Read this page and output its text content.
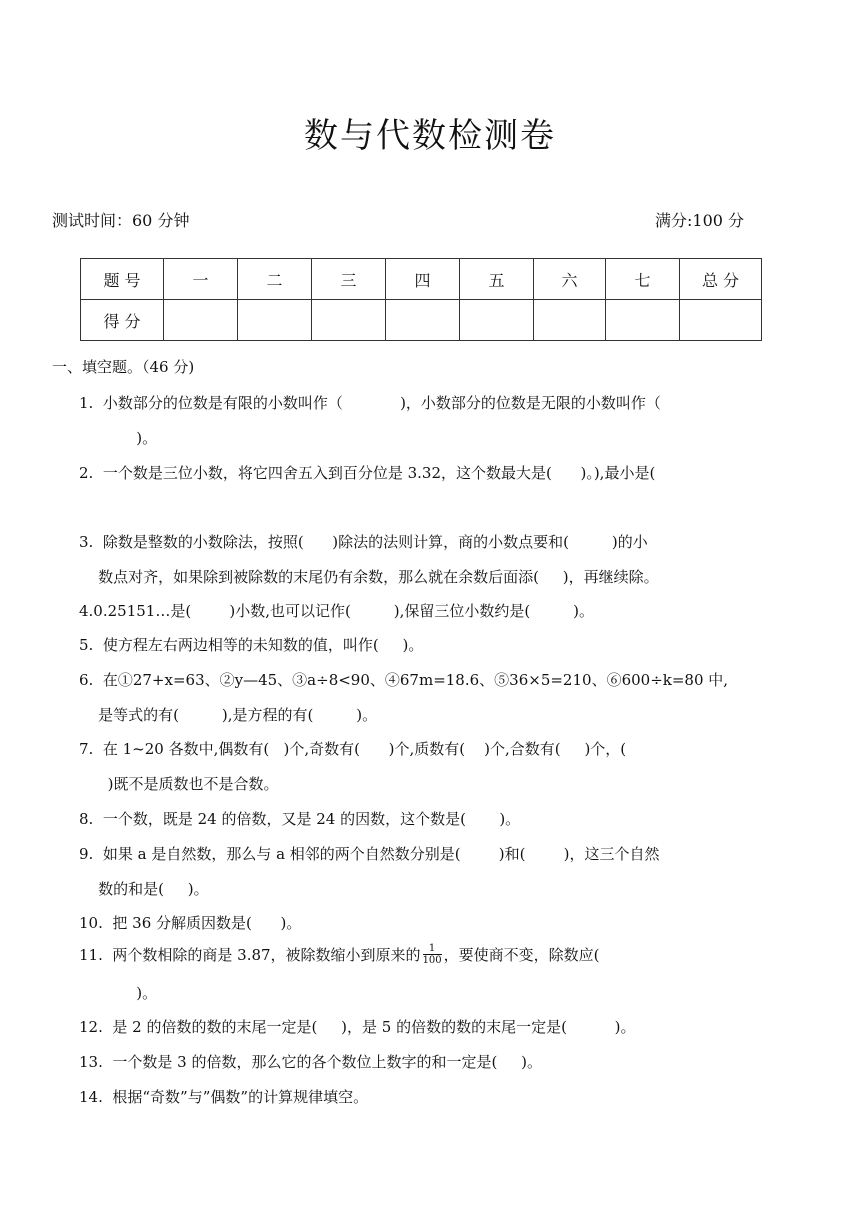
数与代数检测卷
测试时间：60 分钟	满分:100 分
题 号	一	二	三	四	五	六	七	总 分
得 分								
一、填空题。（46 分)
1.  小数部分的位数是有限的小数叫作（            )，小数部分的位数是无限的小数叫作（
)。
2.  一个数是三位小数，将它四舍五入到百分位是 3.32，这个数最大是(      )。),最小是(
3.  除数是整数的小数除法，按照(      )除法的法则计算，商的小数点要和(         )的小
数点对齐，如果除到被除数的末尾仍有余数，那么就在余数后面添(     )，再继续除。
4.0.25151…是(        )小数,也可以记作(         ),保留三位小数约是(         )。
5.  使方程左右两边相等的未知数的值，叫作(     )。
6.  在①27+x=63、②y—45、③a÷8<90、④67m=18.6、⑤36×5=210、⑥600÷k=80 中,
是等式的有(         ),是方程的有(         )。
7.  在 1~20 各数中,偶数有(   )个,奇数有(      )个,质数有(    )个,合数有(     )个，(
)既不是质数也不是合数。
8.  一个数，既是 24 的倍数，又是 24 的因数，这个数是(       )。
9.  如果 a 是自然数，那么与 a 相邻的两个自然数分别是(        )和(        )，这三个自然
数的和是(     )。
10.  把 36 分解质因数是(      )。
11.  两个数相除的商是 3.87，被除数缩小到原来的 $\frac{1}{100}$ ，要使商不变，除数应(
)。
12.  是 2 的倍数的数的末尾一定是(     )，是 5 的倍数的数的末尾一定是(          )。
13.  一个数是 3 的倍数，那么它的各个数位上数字的和一定是(     )。
14.  根据“奇数”与”偶数”的计算规律填空。
